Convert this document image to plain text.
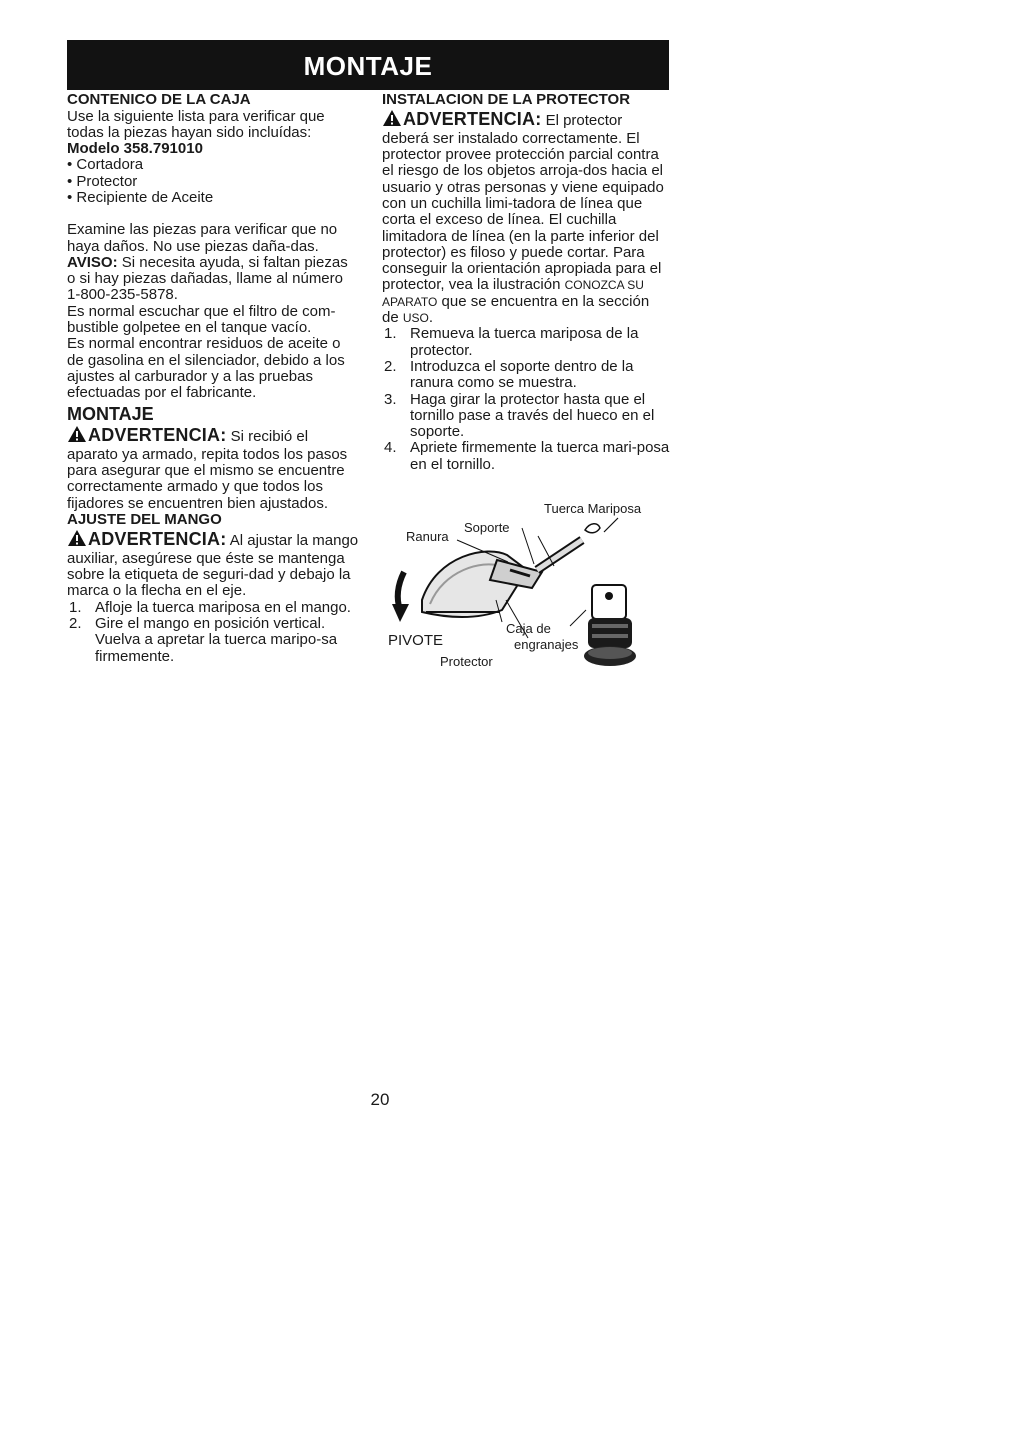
MONTAJE

CONTENICO DE LA CAJA

Use la siguiente lista para verificar que todas la piezas hayan sido incluídas:

Modelo 358.791010

• Cortadora
• Protector
• Recipiente de Aceite

Examine las piezas para verificar que no haya daños. No use piezas daña-das.

AVISO: Si necesita ayuda, si faltan piezas o si hay piezas dañadas, llame al número 1-800-235-5878.

Es normal escuchar que el filtro de com-bustible golpetee en el tanque vacío.

Es normal encontrar residuos de aceite o de gasolina en el silenciador, debido a los ajustes al carburador y a las pruebas efectuadas por el fabricante.

MONTAJE

ADVERTENCIA: Si recibió el aparato ya armado, repita todos los pasos para asegurar que el mismo se encuentre correctamente armado y que todos los fijadores se encuentren bien ajustados.

AJUSTE DEL MANGO

ADVERTENCIA: Al ajustar la mango auxiliar, asegúrese que éste se mantenga sobre la etiqueta de seguri-dad y debajo la marca o la flecha en el eje.

1. Afloje la tuerca mariposa en el mango.
2. Gire el mango en posición vertical. Vuelva a apretar la tuerca maripo-sa firmemente.

INSTALACION DE LA PROTECTOR

ADVERTENCIA: El protector deberá ser instalado correctamente. El protector provee protección parcial contra el riesgo de los objetos arroja-dos hacia el usuario y otras personas y viene equipado con un cuchilla limi-tadora de línea que corta el exceso de línea. El cuchilla limitadora de línea (en la parte inferior del protector) es filoso y puede cortar. Para conseguir la orientación apropiada para el protector, vea la ilustración CONOZCA SU APARATO que se encuentra en la sección de USO.

1. Remueva la tuerca mariposa de la protector.
2. Introduzca el soporte dentro de la ranura como se muestra.
3. Haga girar la protector hasta que el tornillo pase a través del hueco en el soporte.
4. Apriete firmemente la tuerca mari-posa en el tornillo.
Tuerca Mariposa
Soporte
Ranura
PIVOTE
Caja de
engranajes
Protector
20
